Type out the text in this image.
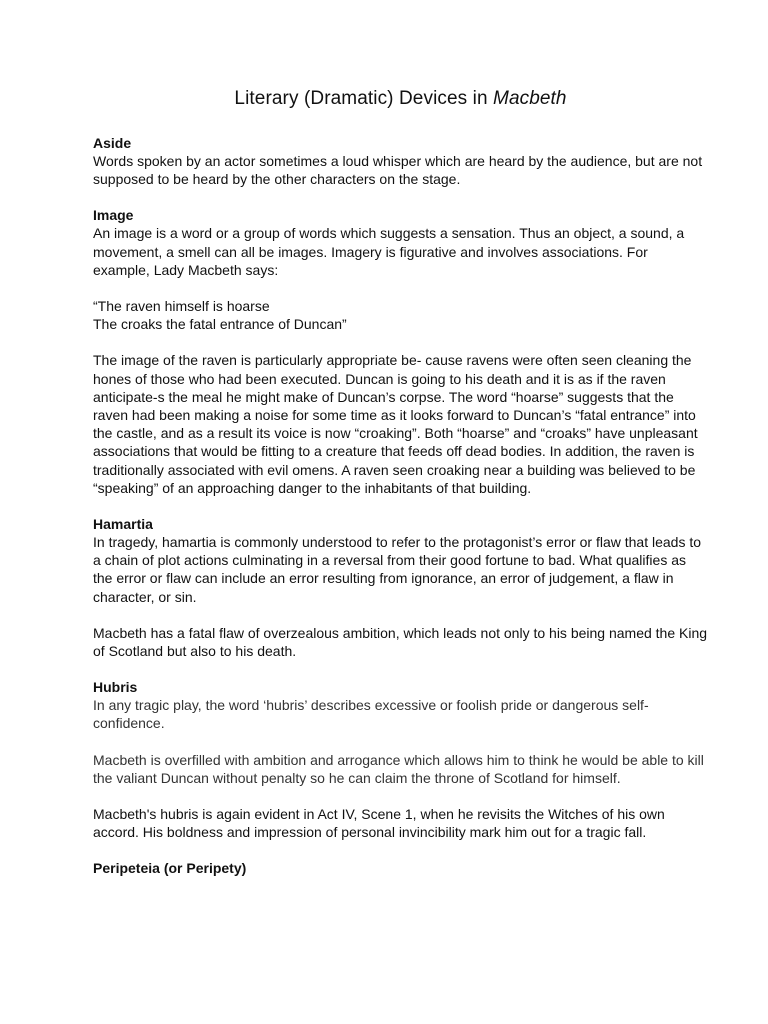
Literary (Dramatic) Devices in Macbeth
Aside

Words spoken by an actor sometimes a loud whisper which are heard by the audience, but are not supposed to be heard by the other characters on the stage.

Image

An image is a word or a group of words which suggests a sensation. Thus an object, a sound, a movement, a smell can all be images. Imagery is figurative and involves associations. For example, Lady Macbeth says:

“The raven himself is hoarse
The croaks the fatal entrance of Duncan”

The image of the raven is particularly appropriate be- cause ravens were often seen cleaning the hones of those who had been executed. Duncan is going to his death and it is as if the raven anticipate-s the meal he might make of Duncan’s corpse. The word “hoarse” suggests that the raven had been making a noise for some time as it looks forward to Duncan’s “fatal entrance” into the castle, and as a result its voice is now “croaking”. Both “hoarse” and “croaks” have unpleasant associations that would be fitting to a creature that feeds off dead bodies. In addition, the raven is traditionally associated with evil omens. A raven seen croaking near a building was believed to be “speaking” of an approaching danger to the inhabitants of that building.

Hamartia

In tragedy, hamartia is commonly understood to refer to the protagonist’s error or flaw that leads to a chain of plot actions culminating in a reversal from their good fortune to bad. What qualifies as the error or flaw can include an error resulting from ignorance, an error of judgement, a flaw in character, or sin.

Macbeth has a fatal flaw of overzealous ambition, which leads not only to his being named the King of Scotland but also to his death.

Hubris

In any tragic play, the word ‘hubris’ describes excessive or foolish pride or dangerous self-confidence.

Macbeth is overfilled with ambition and arrogance which allows him to think he would be able to kill the valiant Duncan without penalty so he can claim the throne of Scotland for himself.

Macbeth's hubris is again evident in Act IV, Scene 1, when he revisits the Witches of his own accord. His boldness and impression of personal invincibility mark him out for a tragic fall.

Peripeteia (or Peripety)
